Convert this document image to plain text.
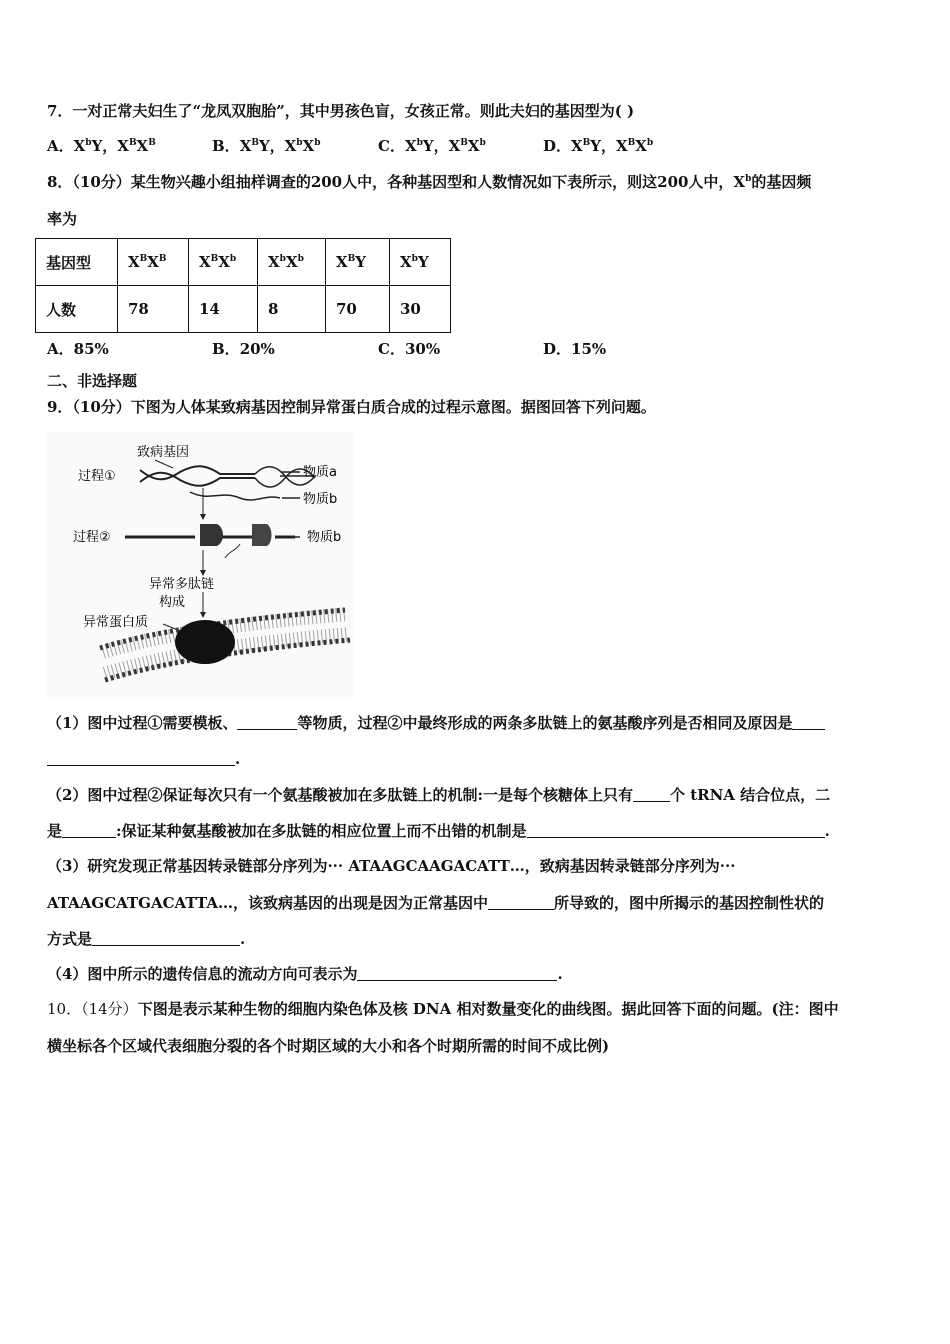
7．一对正常夫妇生了“龙凤双胞胎”，其中男孩色盲，女孩正常。则此夫妇的基因型为( )
A．$X^bY$，$X^BX^B$	B．$X^BY$，$X^bX^b$	C．$X^bY$，$X^BX^b$	D．$X^BY$，$X^BX^b$
8．（10分）某生物兴趣小组抽样调查的200人中，各种基因型和人数情况如下表所示，则这200人中，$X^b$的基因频
率为
基因型	$X^BX^B$	$X^BX^b$	$X^bX^b$	$X^BY$	$X^bY$
人数	78	14	8	70	30
A．85%	B．20%	C．30%	D．15%
二、非选择题
9．（10分）下图为人体某致病基因控制异常蛋白质合成的过程示意图。据图回答下列问题。
致病基因
过程①	物质a
物质b
过程②	物质b
异常多肽链
构成
异常蛋白质
（1）图中过程①需要模板、	等物质，过程②中最终形成的两条多肽链上的氨基酸序列是否相同及原因是
.
（2）图中过程②保证每次只有一个氨基酸被加在多肽链上的机制:一是每个核糖体上只有 个 tRNA 结合位点，二
是	:保证某种氨基酸被加在多肽链的相应位置上而不出错的机制是	.
（3）研究发现正常基因转录链部分序列为··· ATAAGCAAGACATT…，致病基因转录链部分序列为···
ATAAGCATGACATTA…，该致病基因的出现是因为正常基因中	所导致的，图中所揭示的基因控制性状的
方式是	.
（4）图中所示的遗传信息的流动方向可表示为	.
10．（14分）下图是表示某种生物的细胞内染色体及核 DNA 相对数量变化的曲线图。据此回答下面的问题。(注：图中
横坐标各个区域代表细胞分裂的各个时期区域的大小和各个时期所需的时间不成比例)
